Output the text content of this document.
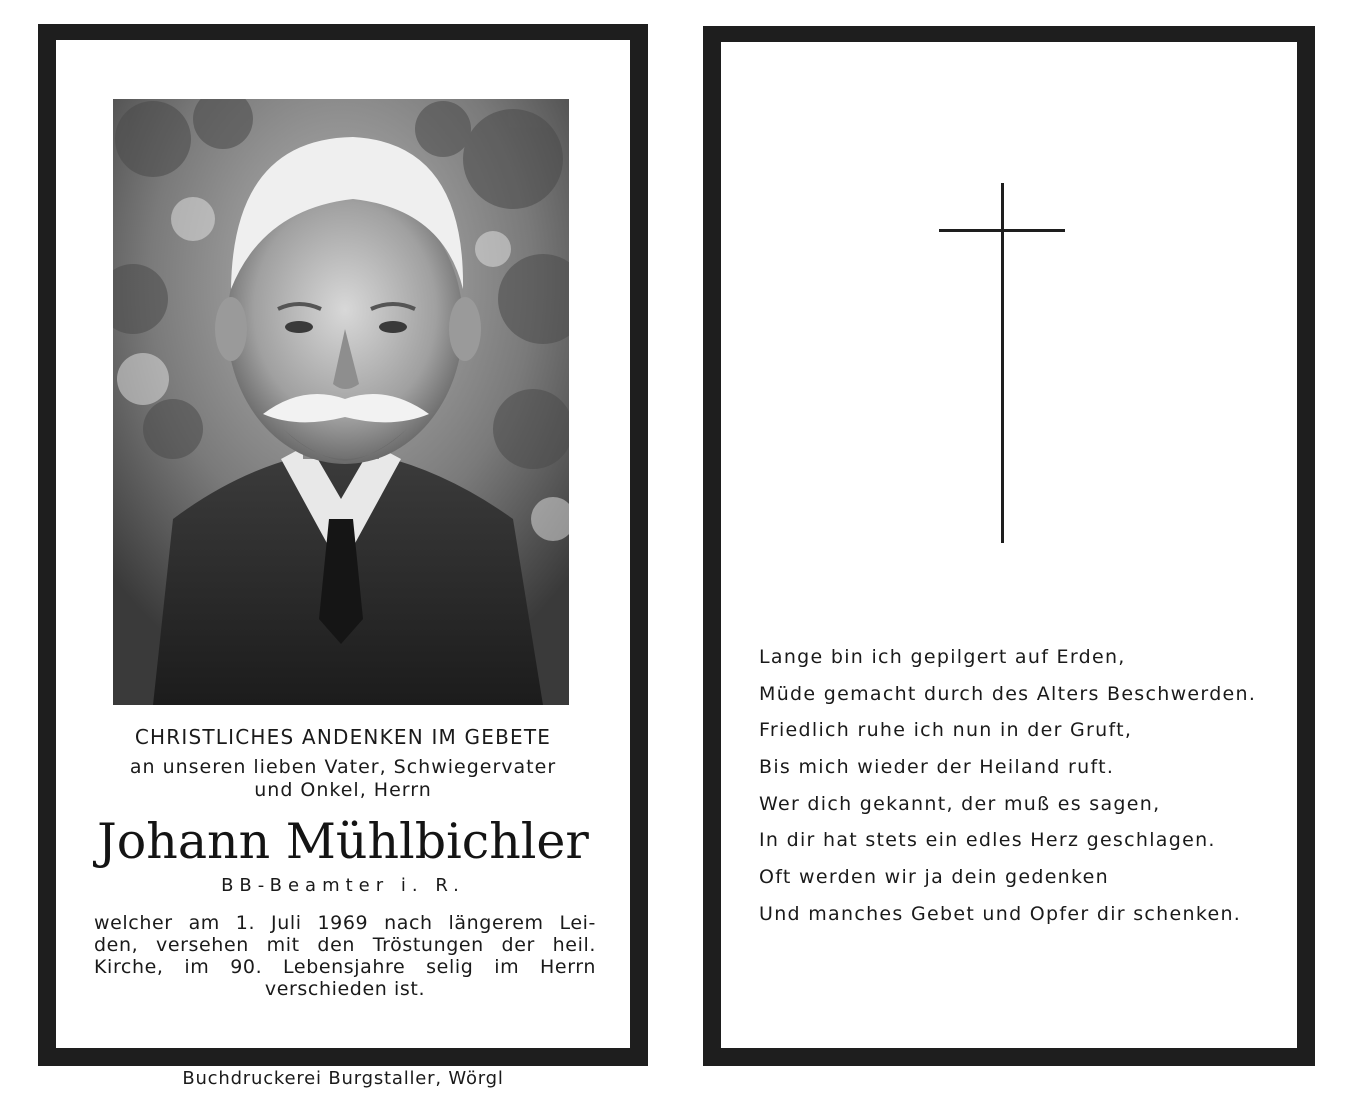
CHRISTLICHES ANDENKEN IM GEBETE
an unseren lieben Vater, Schwiegervater
und Onkel, Herrn
Johann Mühlbichler
BB-Beamter i. R.
welcher am 1. Juli 1969 nach längerem Lei-
den, versehen mit den Tröstungen der heil.
Kirche, im 90. Lebensjahre selig im Herrn
verschieden ist.
Buchdruckerei Burgstaller, Wörgl
Lange bin ich gepilgert auf Erden,
Müde gemacht durch des Alters Beschwerden.
Friedlich ruhe ich nun in der Gruft,
Bis mich wieder der Heiland ruft.
Wer dich gekannt, der muß es sagen,
In dir hat stets ein edles Herz geschlagen.
Oft werden wir ja dein gedenken
Und manches Gebet und Opfer dir schenken.
